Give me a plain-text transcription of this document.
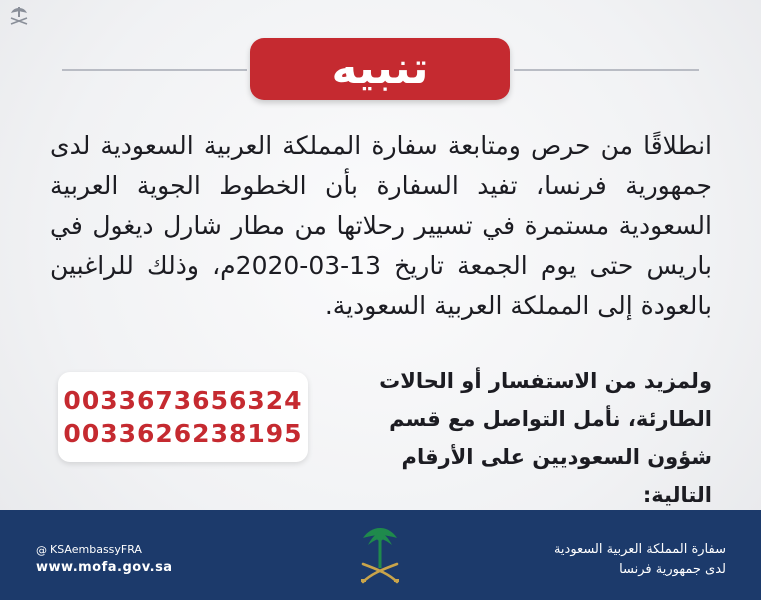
تنبيه
انطلاقًا من حرص ومتابعة سفارة المملكة العربية السعودية لدى جمهورية فرنسا، تفيد السفارة بأن الخطوط الجوية العربية السعودية مستمرة في تسيير رحلاتها من مطار شارل ديغول في باريس حتى يوم الجمعة تاريخ 13-03-2020م، وذلك للراغبين بالعودة إلى المملكة العربية السعودية.
ولمزيد من الاستفسار أو الحالات الطارئة، نأمل التواصل مع قسم شؤون السعوديين على الأرقام التالية:
0033673656324
0033626238195
@ KSAembassyFRA
www.mofa.gov.sa
سفارة المملكة العربية السعودية
لدى جمهورية فرنسا
